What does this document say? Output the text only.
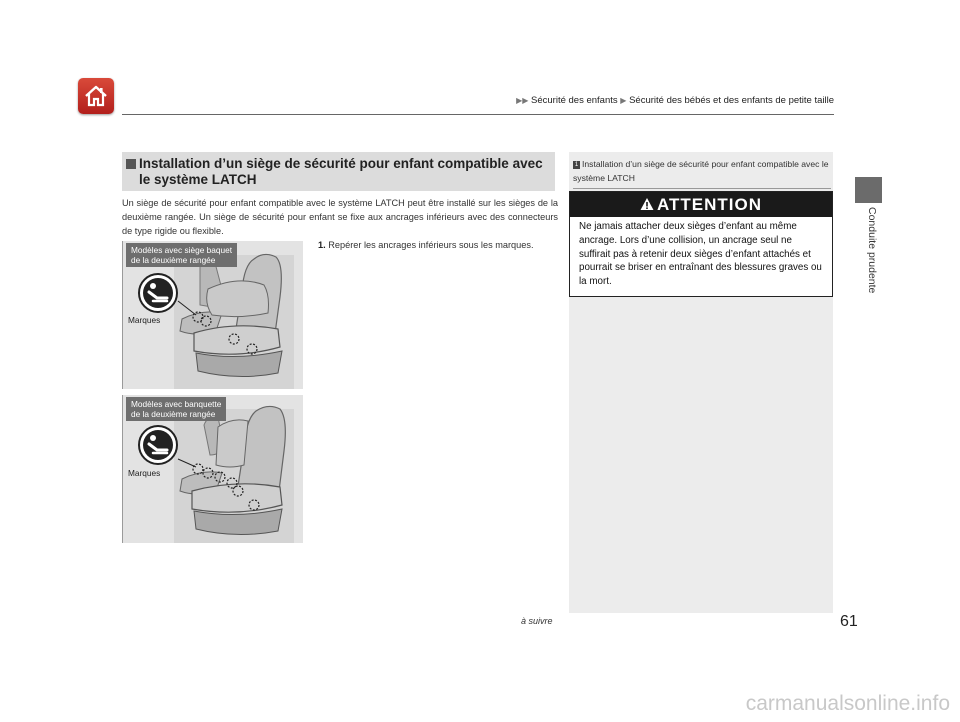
▶▶ Sécurité des enfants ▶ Sécurité des bébés et des enfants de petite taille
Conduite prudente
Installation d’un siège de sécurité pour enfant compatible avec le système LATCH

Un siège de sécurité pour enfant compatible avec le système LATCH peut être installé sur les sièges de la deuxième rangée. Un siège de sécurité pour enfant se fixe aux ancrages inférieurs avec des connecteurs de type rigide ou flexible.

1. Repérer les ancrages inférieurs sous les marques.
Modèles avec siège baquet
de la deuxième rangée
Marques
Modèles avec banquette
de la deuxième rangée
Marques
1 Installation d’un siège de sécurité pour enfant compatible avec le système LATCH
ATTENTION
Ne jamais attacher deux sièges d’enfant au même ancrage. Lors d’une collision, un ancrage seul ne suffirait pas à retenir deux sièges d’enfant attachés et pourrait se briser en entraînant des blessures graves ou la mort.
à suivre	61
carmanualsonline.info
